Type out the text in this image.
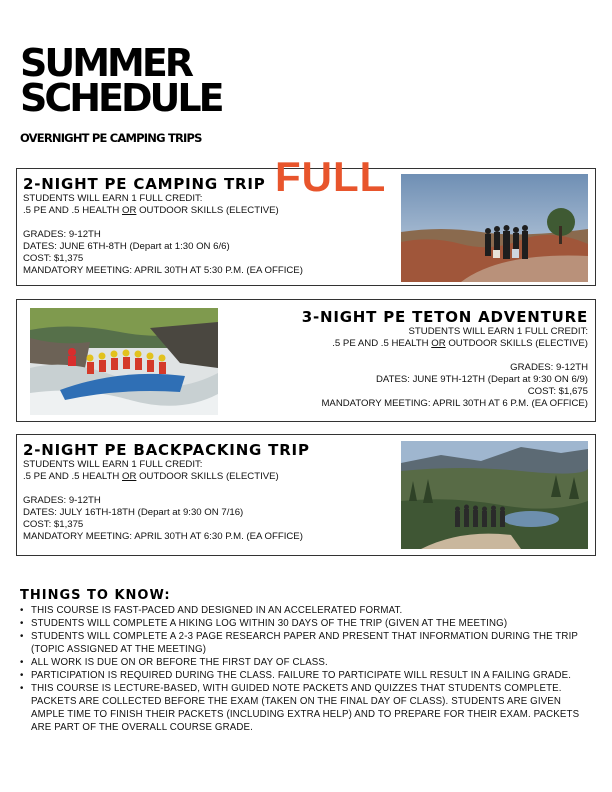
SUMMER
SCHEDULE
OVERNIGHT PE CAMPING TRIPS
2-NIGHT PE CAMPING TRIP
STUDENTS WILL EARN 1 FULL CREDIT:
.5 PE AND .5 HEALTH OR OUTDOOR SKILLS (ELECTIVE)
GRADES: 9-12TH
DATES: JUNE 6TH-8TH (Depart at 1:30 ON 6/6)
COST: $1,375
MANDATORY MEETING: APRIL 30TH AT 5:30 P.M. (EA OFFICE)
FULL
3-NIGHT PE TETON ADVENTURE
STUDENTS WILL EARN 1 FULL CREDIT:
.5 PE AND .5 HEALTH OR OUTDOOR SKILLS (ELECTIVE)
GRADES: 9-12TH
DATES: JUNE 9TH-12TH (Depart at 9:30 ON 6/9)
COST: $1,675
MANDATORY MEETING: APRIL 30TH AT 6 P.M. (EA OFFICE)
2-NIGHT PE BACKPACKING TRIP
STUDENTS WILL EARN 1 FULL CREDIT:
.5 PE AND .5 HEALTH OR OUTDOOR SKILLS (ELECTIVE)
GRADES: 9-12TH
DATES: JULY 16TH-18TH (Depart at 9:30 ON 7/16)
COST: $1,375
MANDATORY MEETING: APRIL 30TH AT 6:30 P.M. (EA OFFICE)
THINGS TO KNOW:
• THIS COURSE IS FAST-PACED AND DESIGNED IN AN ACCELERATED FORMAT.
• STUDENTS WILL COMPLETE A HIKING LOG WITHIN 30 DAYS OF THE TRIP (GIVEN AT THE MEETING)
• STUDENTS WILL COMPLETE A 2-3 PAGE RESEARCH PAPER AND PRESENT THAT INFORMATION DURING THE TRIP (TOPIC ASSIGNED AT THE MEETING)
• ALL WORK IS DUE ON OR BEFORE THE FIRST DAY OF CLASS.
• PARTICIPATION IS REQUIRED DURING THE CLASS. FAILURE TO PARTICIPATE WILL RESULT IN A FAILING GRADE.
• THIS COURSE IS LECTURE-BASED, WITH GUIDED NOTE PACKETS AND QUIZZES THAT STUDENTS COMPLETE. PACKETS ARE COLLECTED BEFORE THE EXAM (TAKEN ON THE FINAL DAY OF CLASS). STUDENTS ARE GIVEN AMPLE TIME TO FINISH THEIR PACKETS (INCLUDING EXTRA HELP) AND TO PREPARE FOR THEIR EXAM. PACKETS ARE PART OF THE OVERALL COURSE GRADE.
